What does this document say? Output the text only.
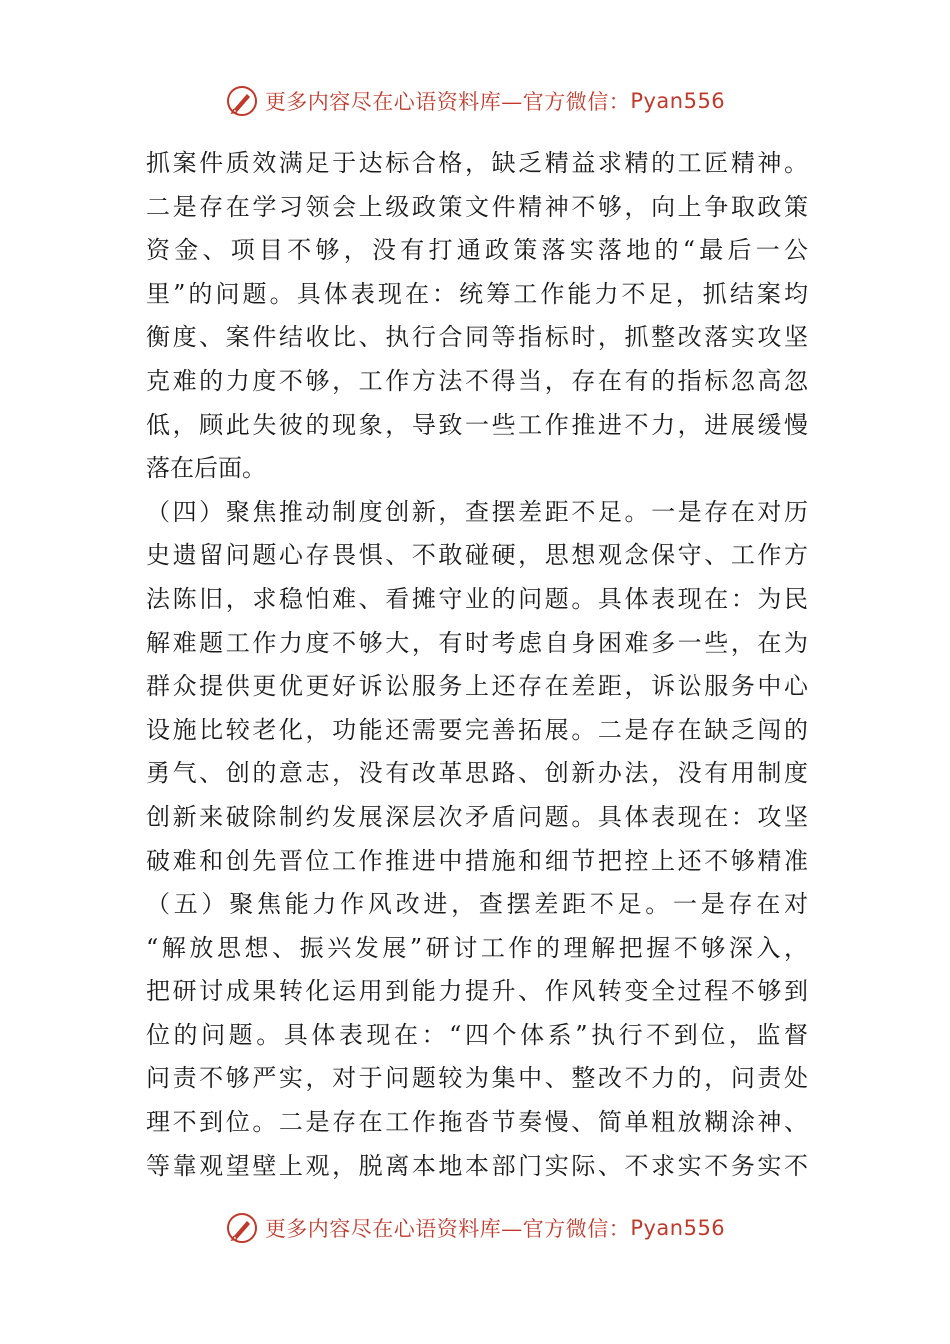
更多内容尽在心语资料库—官方微信： Pyan556
抓案件质效满足于达标合格，缺乏精益求精的工匠精神。
二是存在学习领会上级政策文件精神不够，向上争取政策
资金、项目不够，没有打通政策落实落地的“最后一公
里”的问题。具体表现在：统筹工作能力不足，抓结案均
衡度、案件结收比、执行合同等指标时，抓整改落实攻坚
克难的力度不够，工作方法不得当，存在有的指标忽高忽
低，顾此失彼的现象，导致一些工作推进不力，进展缓慢
落在后面。
（四）聚焦推动制度创新，查摆差距不足。一是存在对历
史遗留问题心存畏惧、不敢碰硬，思想观念保守、工作方
法陈旧，求稳怕难、看摊守业的问题。具体表现在：为民
解难题工作力度不够大，有时考虑自身困难多一些，在为
群众提供更优更好诉讼服务上还存在差距，诉讼服务中心
设施比较老化，功能还需要完善拓展。二是存在缺乏闯的
勇气、创的意志，没有改革思路、创新办法，没有用制度
创新来破除制约发展深层次矛盾问题。具体表现在：攻坚
破难和创先晋位工作推进中措施和细节把控上还不够精准
（五）聚焦能力作风改进，查摆差距不足。一是存在对
“解放思想、振兴发展”研讨工作的理解把握不够深入，
把研讨成果转化运用到能力提升、作风转变全过程不够到
位的问题。具体表现在：“四个体系”执行不到位，监督
问责不够严实，对于问题较为集中、整改不力的，问责处
理不到位。二是存在工作拖沓节奏慢、简单粗放糊涂神、
等靠观望壁上观，脱离本地本部门实际、不求实不务实不
更多内容尽在心语资料库—官方微信： Pyan556
